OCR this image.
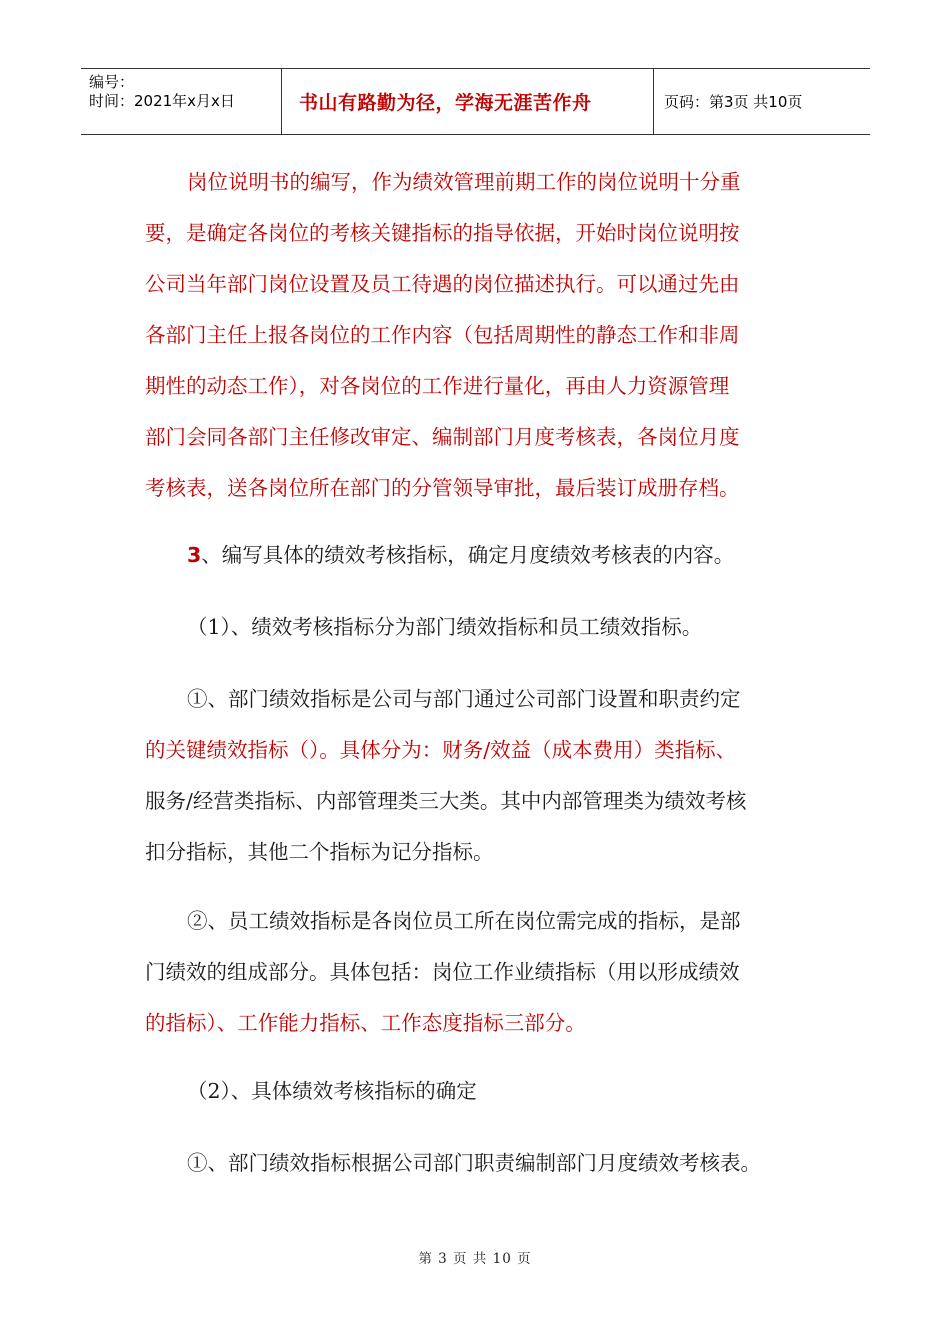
编号：
时间：2021年x月x日	书山有路勤为径，学海无涯苦作舟	页码：第3页 共10页
岗位说明书的编写，作为绩效管理前期工作的岗位说明十分重
要，是确定各岗位的考核关键指标的指导依据，开始时岗位说明按
公司当年部门岗位设置及员工待遇的岗位描述执行。可以通过先由
各部门主任上报各岗位的工作内容（包括周期性的静态工作和非周
期性的动态工作），对各岗位的工作进行量化，再由人力资源管理
部门会同各部门主任修改审定、编制部门月度考核表，各岗位月度
考核表，送各岗位所在部门的分管领导审批，最后装订成册存档。
3、编写具体的绩效考核指标，确定月度绩效考核表的内容。
（1）、绩效考核指标分为部门绩效指标和员工绩效指标。
①、部门绩效指标是公司与部门通过公司部门设置和职责约定
的关键绩效指标（）。具体分为：财务/效益（成本费用）类指标、
服务/经营类指标、内部管理类三大类。其中内部管理类为绩效考核
扣分指标，其他二个指标为记分指标。
②、员工绩效指标是各岗位员工所在岗位需完成的指标，是部
门绩效的组成部分。具体包括：岗位工作业绩指标（用以形成绩效
的指标）、工作能力指标、工作态度指标三部分。
（2）、具体绩效考核指标的确定
①、部门绩效指标根据公司部门职责编制部门月度绩效考核表。
第 3 页 共 10 页
